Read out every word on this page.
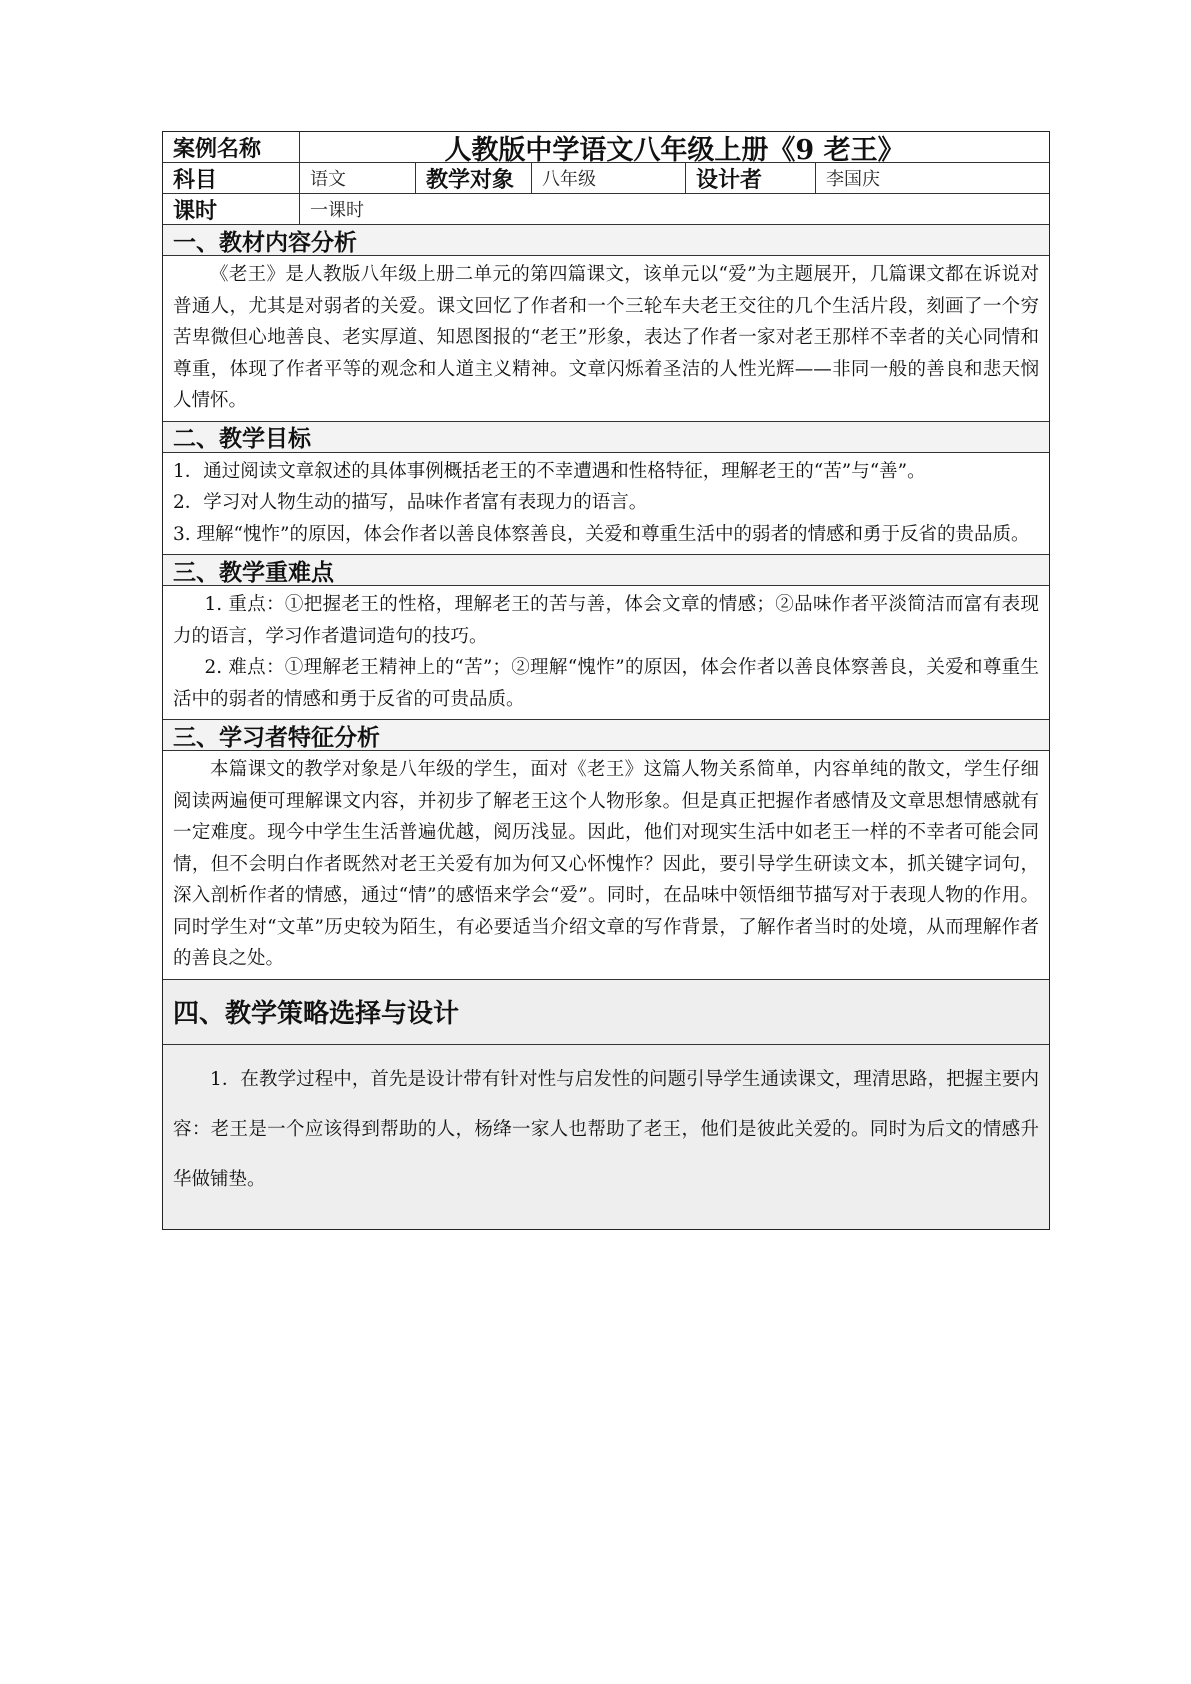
案例名称	人教版中学语文八年级上册《9 老王》
科目	语文	教学对象	八年级	设计者	李国庆
课时	一课时
一、教材内容分析

《老王》是人教版八年级上册二单元的第四篇课文，该单元以“爱”为主题展开，几篇课文都在诉说对普通人，尤其是对弱者的关爱。课文回忆了作者和一个三轮车夫老王交往的几个生活片段，刻画了一个穷苦卑微但心地善良、老实厚道、知恩图报的“老王”形象，表达了作者一家对老王那样不幸者的关心同情和尊重，体现了作者平等的观念和人道主义精神。文章闪烁着圣洁的人性光辉——非同一般的善良和悲天悯人情怀。

二、教学目标

1．通过阅读文章叙述的具体事例概括老王的不幸遭遇和性格特征，理解老王的“苦”与“善”。

2．学习对人物生动的描写，品味作者富有表现力的语言。

3. 理解“愧怍”的原因，体会作者以善良体察善良，关爱和尊重生活中的弱者的情感和勇于反省的贵品质。

三、教学重难点

1. 重点：①把握老王的性格，理解老王的苦与善，体会文章的情感；②品味作者平淡简洁而富有表现力的语言，学习作者遣词造句的技巧。

2. 难点：①理解老王精神上的“苦”；②理解“愧怍”的原因，体会作者以善良体察善良，关爱和尊重生活中的弱者的情感和勇于反省的可贵品质。

三、学习者特征分析

本篇课文的教学对象是八年级的学生，面对《老王》这篇人物关系简单，内容单纯的散文，学生仔细阅读两遍便可理解课文内容，并初步了解老王这个人物形象。但是真正把握作者感情及文章思想情感就有一定难度。现今中学生生活普遍优越，阅历浅显。因此，他们对现实生活中如老王一样的不幸者可能会同情，但不会明白作者既然对老王关爱有加为何又心怀愧怍？因此，要引导学生研读文本，抓关键字词句，深入剖析作者的情感，通过“情”的感悟来学会“爱”。同时，在品味中领悟细节描写对于表现人物的作用。同时学生对“文革”历史较为陌生，有必要适当介绍文章的写作背景，了解作者当时的处境，从而理解作者的善良之处。

四、教学策略选择与设计

1．在教学过程中，首先是设计带有针对性与启发性的问题引导学生通读课文，理清思路，把握主要内容：老王是一个应该得到帮助的人，杨绛一家人也帮助了老王，他们是彼此关爱的。同时为后文的情感升华做铺垫。
